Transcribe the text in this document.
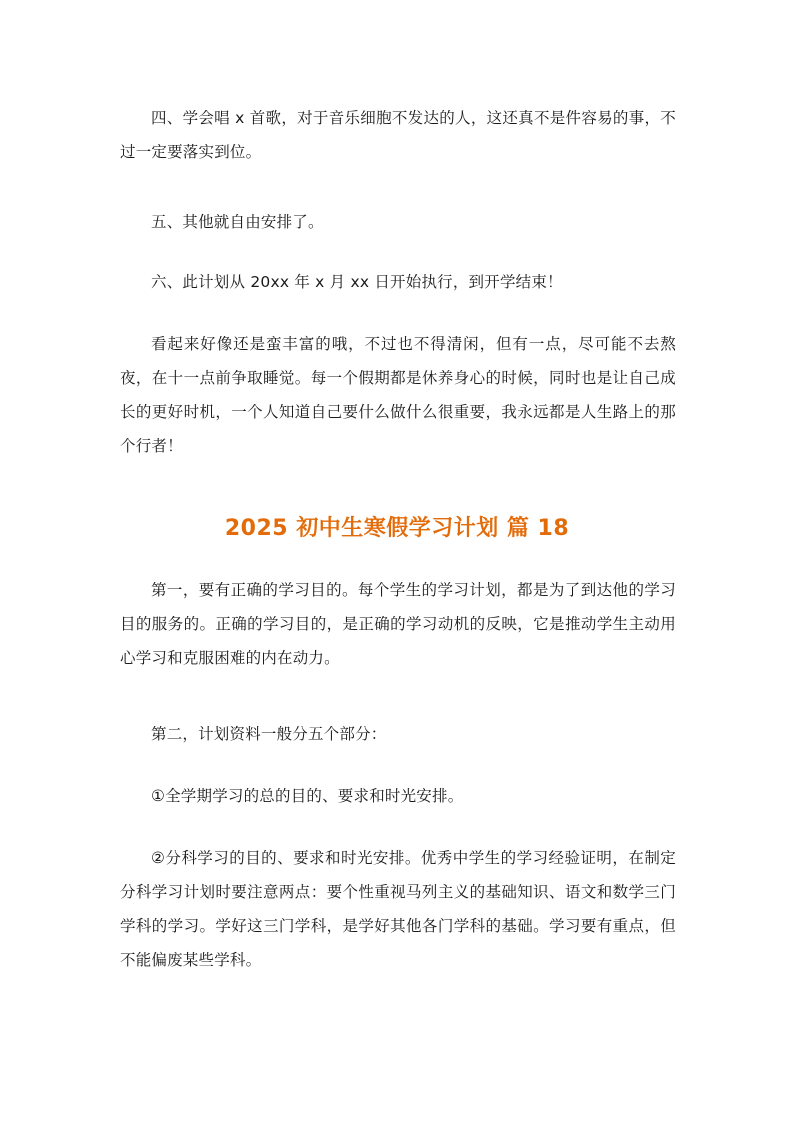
四、学会唱 x 首歌，对于音乐细胞不发达的人，这还真不是件容易的事，不过一定要落实到位。

五、其他就自由安排了。

六、此计划从 20xx 年 x 月 xx 日开始执行，到开学结束！

看起来好像还是蛮丰富的哦，不过也不得清闲，但有一点，尽可能不去熬夜，在十一点前争取睡觉。每一个假期都是休养身心的时候，同时也是让自己成长的更好时机，一个人知道自己要什么做什么很重要，我永远都是人生路上的那个行者！

2025 初中生寒假学习计划 篇 18

第一，要有正确的学习目的。每个学生的学习计划，都是为了到达他的学习目的服务的。正确的学习目的，是正确的学习动机的反映，它是推动学生主动用心学习和克服困难的内在动力。

第二，计划资料一般分五个部分：

①全学期学习的总的目的、要求和时光安排。

②分科学习的目的、要求和时光安排。优秀中学生的学习经验证明，在制定分科学习计划时要注意两点：要个性重视马列主义的基础知识、语文和数学三门学科的学习。学好这三门学科，是学好其他各门学科的基础。学习要有重点，但不能偏废某些学科。
